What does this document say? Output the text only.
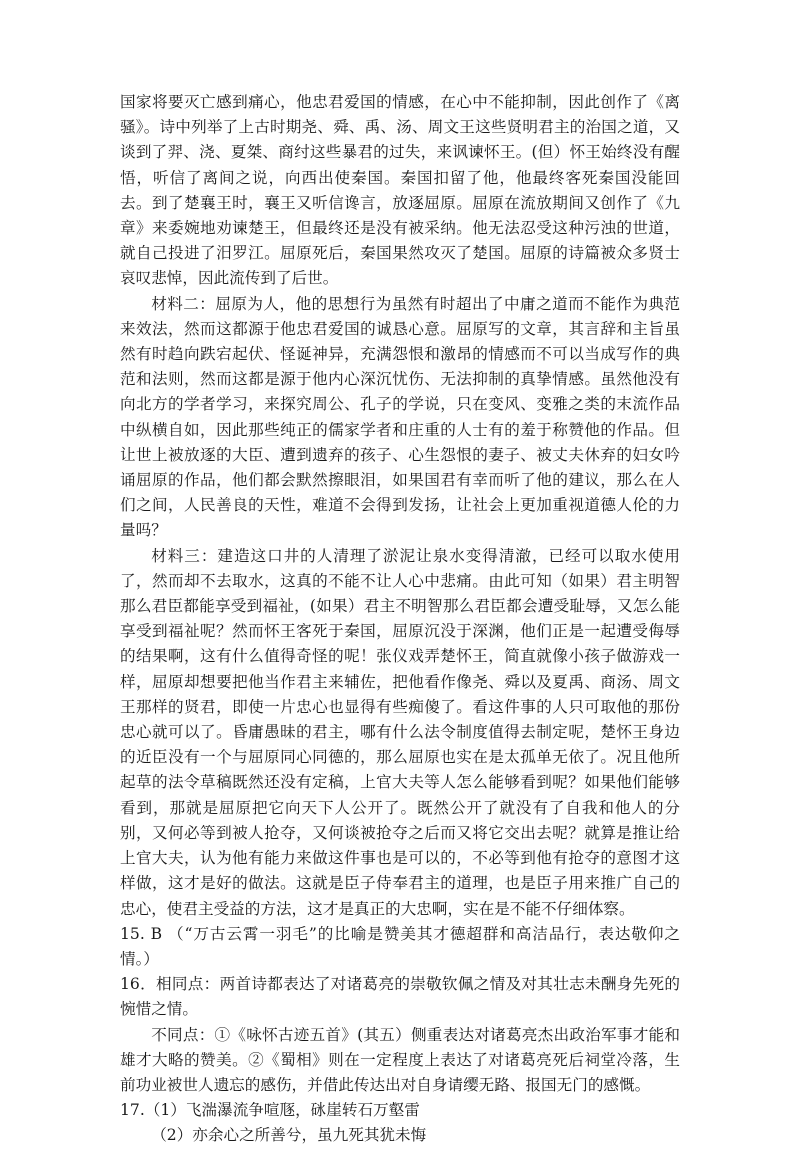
国家将要灭亡感到痛心，他忠君爱国的情感，在心中不能抑制，因此创作了《离骚》。诗中列举了上古时期尧、舜、禹、汤、周文王这些贤明君主的治国之道，又谈到了羿、浇、夏桀、商纣这些暴君的过失，来讽谏怀王。(但）怀王始终没有醒悟，听信了离间之说，向西出使秦国。秦国扣留了他，他最终客死秦国没能回去。到了楚襄王时，襄王又听信谗言，放逐屈原。屈原在流放期间又创作了《九章》来委婉地劝谏楚王，但最终还是没有被采纳。他无法忍受这种污浊的世道，就自己投进了汨罗江。屈原死后，秦国果然攻灭了楚国。屈原的诗篇被众多贤士哀叹悲悼，因此流传到了后世。

材料二：屈原为人，他的思想行为虽然有时超出了中庸之道而不能作为典范来效法，然而这都源于他忠君爱国的诚恳心意。屈原写的文章，其言辞和主旨虽然有时趋向跌宕起伏、怪诞神异，充满怨恨和激昂的情感而不可以当成写作的典范和法则，然而这都是源于他内心深沉忧伤、无法抑制的真挚情感。虽然他没有向北方的学者学习，来探究周公、孔子的学说，只在变风、变雅之类的末流作品中纵横自如，因此那些纯正的儒家学者和庄重的人士有的羞于称赞他的作品。但让世上被放逐的大臣、遭到遗弃的孩子、心生怨恨的妻子、被丈夫休弃的妇女吟诵屈原的作品，他们都会默然擦眼泪，如果国君有幸而听了他的建议，那么在人们之间，人民善良的天性，难道不会得到发扬，让社会上更加重视道德人伦的力量吗？

材料三：建造这口井的人清理了淤泥让泉水变得清澈，已经可以取水使用了，然而却不去取水，这真的不能不让人心中悲痛。由此可知（如果）君主明智那么君臣都能享受到福祉，(如果）君主不明智那么君臣都会遭受耻辱，又怎么能享受到福祉呢？然而怀王客死于秦国，屈原沉没于深渊，他们正是一起遭受侮辱的结果啊，这有什么值得奇怪的呢！张仪戏弄楚怀王，简直就像小孩子做游戏一样，屈原却想要把他当作君主来辅佐，把他看作像尧、舜以及夏禹、商汤、周文王那样的贤君，即使一片忠心也显得有些痴傻了。看这件事的人只可取他的那份忠心就可以了。昏庸愚昧的君主，哪有什么法令制度值得去制定呢，楚怀王身边的近臣没有一个与屈原同心同德的，那么屈原也实在是太孤单无依了。况且他所起草的法令草稿既然还没有定稿，上官大夫等人怎么能够看到呢？如果他们能够看到，那就是屈原把它向天下人公开了。既然公开了就没有了自我和他人的分别，又何必等到被人抢夺，又何谈被抢夺之后而又将它交出去呢？就算是推让给上官大夫，认为他有能力来做这件事也是可以的，不必等到他有抢夺的意图才这样做，这才是好的做法。这就是臣子侍奉君主的道理，也是臣子用来推广自己的忠心，使君主受益的方法，这才是真正的大忠啊，实在是不能不仔细体察。

15. B （“万古云霄一羽毛”的比喻是赞美其才德超群和高洁品行，表达敬仰之情。）

16．相同点：两首诗都表达了对诸葛亮的崇敬钦佩之情及对其壮志未酬身先死的惋惜之情。

不同点：①《咏怀古迹五首》(其五）侧重表达对诸葛亮杰出政治军事才能和雄才大略的赞美。②《蜀相》则在一定程度上表达了对诸葛亮死后祠堂冷落，生前功业被世人遗忘的感伤，并借此传达出对自身请缨无路、报国无门的感慨。

17.（1）飞湍瀑流争喧豗，砯崖转石万壑雷

（2）亦余心之所善兮，虽九死其犹未悔
